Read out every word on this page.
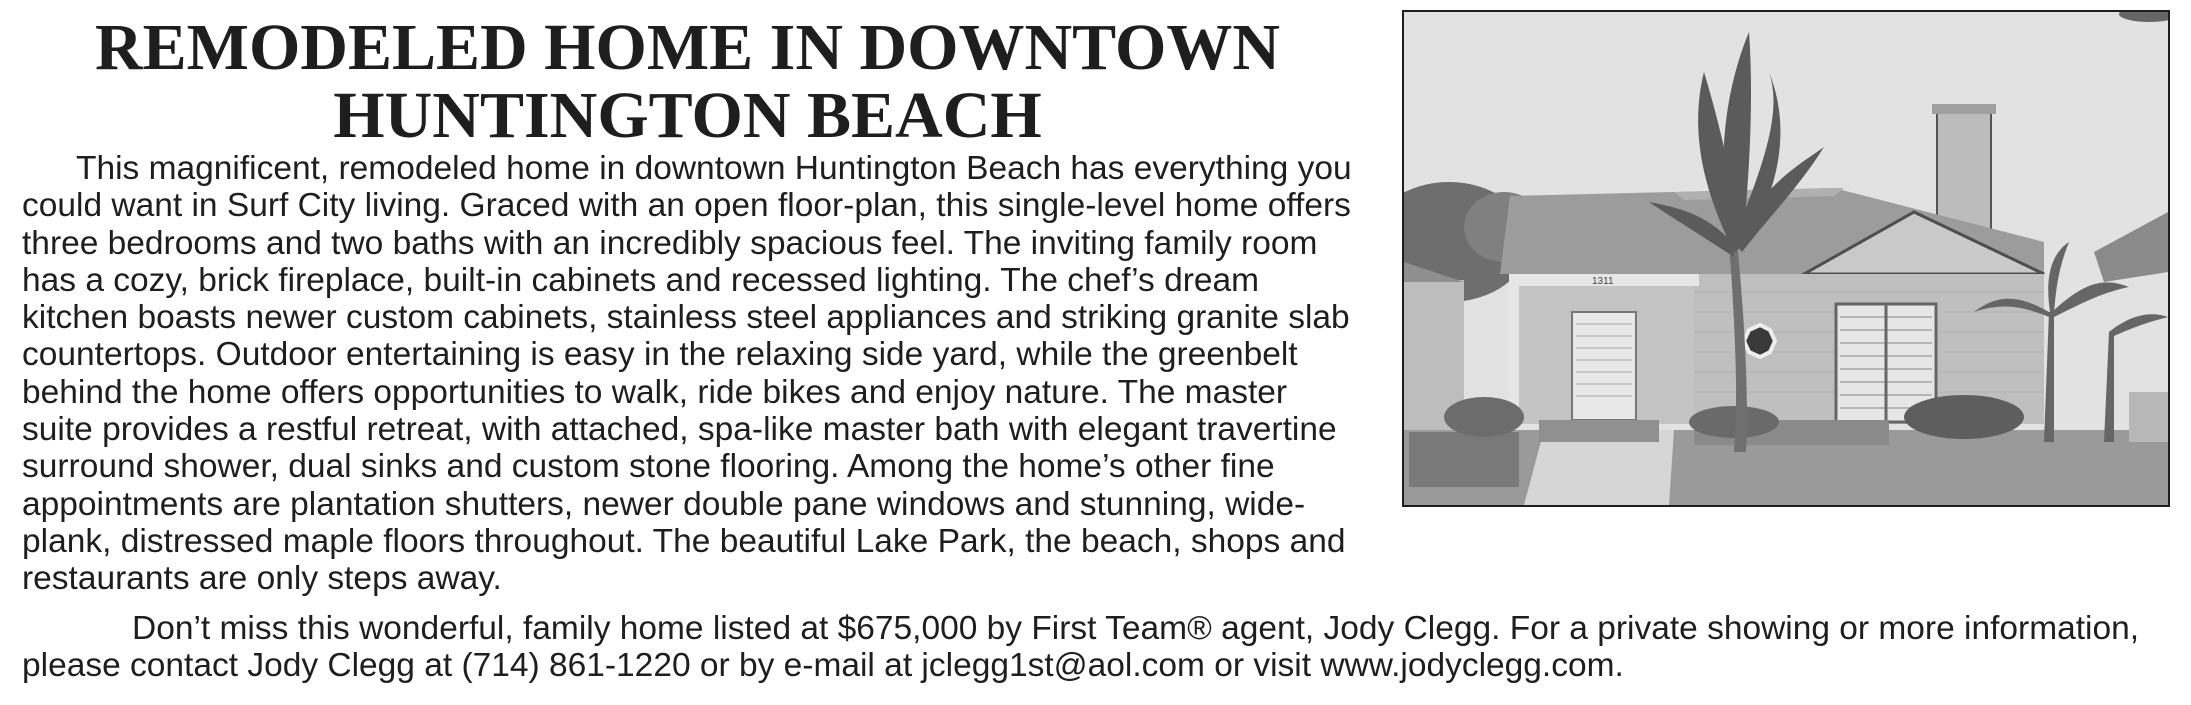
REMODELED HOME IN DOWNTOWN HUNTINGTON BEACH

This magnificent, remodeled home in downtown Huntington Beach has everything you could want in Surf City living. Graced with an open floor-plan, this single-level home offers three bedrooms and two baths with an incredibly spacious feel. The inviting family room has a cozy, brick fireplace, built-in cabinets and recessed lighting. The chef’s dream kitchen boasts newer custom cabinets, stainless steel appliances and striking granite slab countertops. Outdoor entertaining is easy in the relaxing side yard, while the greenbelt behind the home offers opportunities to walk, ride bikes and enjoy nature. The master suite provides a restful retreat, with attached, spa-like master bath with elegant travertine surround shower, dual sinks and custom stone flooring. Among the home’s other fine appointments are plantation shutters, newer double pane windows and stunning, wide-plank, distressed maple floors throughout. The beautiful Lake Park, the beach, shops and restaurants are only steps away.

Don’t miss this wonderful, family home listed at $675,000 by First Team® agent, Jody Clegg. For a private showing or more information, please contact Jody Clegg at (714) 861-1220 or by e-mail at jclegg1st@aol.com or visit www.jodyclegg.com.

1311
